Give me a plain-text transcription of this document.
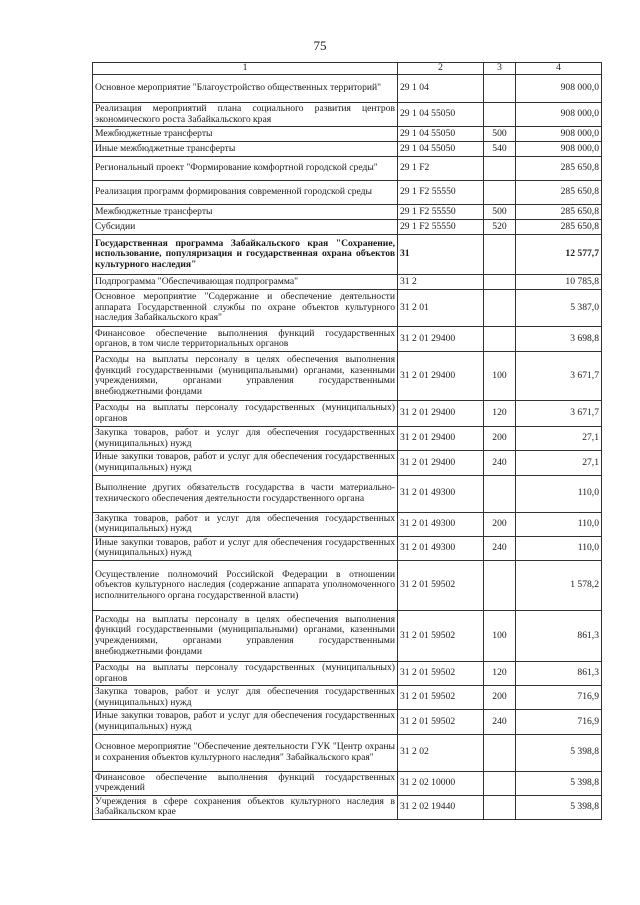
75
1	2	3	4
Основное мероприятие "Благоустройство общественных территорий"	29 1 04		908 000,0
Реализация мероприятий плана социального развития центров экономического роста Забайкальского края	29 1 04 55050		908 000,0
Межбюджетные трансферты	29 1 04 55050	500	908 000,0
Иные межбюджетные трансферты	29 1 04 55050	540	908 000,0
Региональный проект "Формирование комфортной городской среды"	29 1 F2		285 650,8
Реализация программ формирования современной городской среды	29 1 F2 55550		285 650,8
Межбюджетные трансферты	29 1 F2 55550	500	285 650,8
Субсидии	29 1 F2 55550	520	285 650,8
Государственная программа Забайкальского края "Сохранение, использование, популяризация и государственная охрана объектов культурного наследия"	31		12 577,7
Подпрограмма "Обеспечивающая подпрограмма"	31 2		10 785,8
Основное мероприятие "Содержание и обеспечение деятельности аппарата Государственной службы по охране объектов культурного наследия Забайкальского края"	31 2 01		5 387,0
Финансовое обеспечение выполнения функций государственных органов, в том числе территориальных органов	31 2 01 29400		3 698,8
Расходы на выплаты персоналу в целях обеспечения выполнения функций государственными (муниципальными) органами, казенными учреждениями, органами управления государственными внебюджетными фондами	31 2 01 29400	100	3 671,7
Расходы на выплаты персоналу государственных (муниципальных) органов	31 2 01 29400	120	3 671,7
Закупка товаров, работ и услуг для обеспечения государственных (муниципальных) нужд	31 2 01 29400	200	27,1
Иные закупки товаров, работ и услуг для обеспечения государственных (муниципальных) нужд	31 2 01 29400	240	27,1
Выполнение других обязательств государства в части материально-технического обеспечения деятельности государственного органа	31 2 01 49300		110,0
Закупка товаров, работ и услуг для обеспечения государственных (муниципальных) нужд	31 2 01 49300	200	110,0
Иные закупки товаров, работ и услуг для обеспечения государственных (муниципальных) нужд	31 2 01 49300	240	110,0
Осуществление полномочий Российской Федерации в отношении объектов культурного наследия (содержание аппарата уполномоченного исполнительного органа государственной власти)	31 2 01 59502		1 578,2
Расходы на выплаты персоналу в целях обеспечения выполнения функций государственными (муниципальными) органами, казенными учреждениями, органами управления государственными внебюджетными фондами	31 2 01 59502	100	861,3
Расходы на выплаты персоналу государственных (муниципальных) органов	31 2 01 59502	120	861,3
Закупка товаров, работ и услуг для обеспечения государственных (муниципальных) нужд	31 2 01 59502	200	716,9
Иные закупки товаров, работ и услуг для обеспечения государственных (муниципальных) нужд	31 2 01 59502	240	716,9
Основное мероприятие "Обеспечение деятельности ГУК "Центр охраны и сохранения объектов культурного наследия" Забайкальского края"	31 2 02		5 398,8
Финансовое обеспечение выполнения функций государственных учреждений	31 2 02 10000		5 398,8
Учреждения в сфере сохранения объектов культурного наследия в Забайкальском крае	31 2 02 19440		5 398,8
